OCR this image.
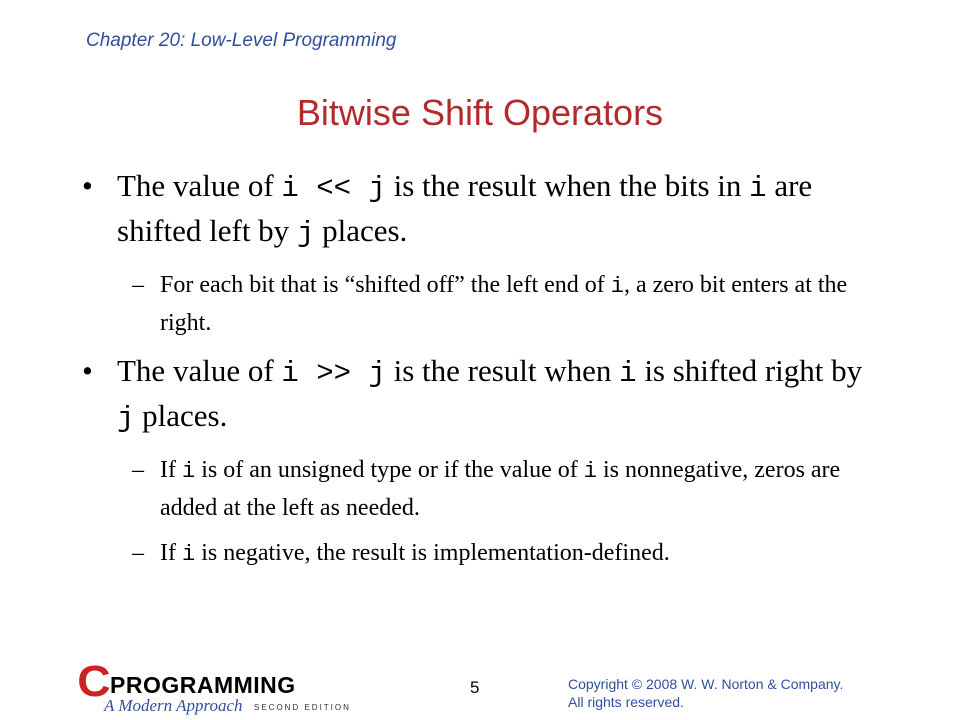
Chapter 20: Low-Level Programming
Bitwise Shift Operators
• The value of i << j is the result when the bits in i are shifted left by j places.
– For each bit that is “shifted off” the left end of i, a zero bit enters at the right.
• The value of i >> j is the result when i is shifted right by j places.
– If i is of an unsigned type or if the value of i is nonnegative, zeros are added at the left as needed.
– If i is negative, the result is implementation-defined.
C PROGRAMMING
A Modern Approach SECOND EDITION
5	Copyright © 2008 W. W. Norton & Company.
All rights reserved.
